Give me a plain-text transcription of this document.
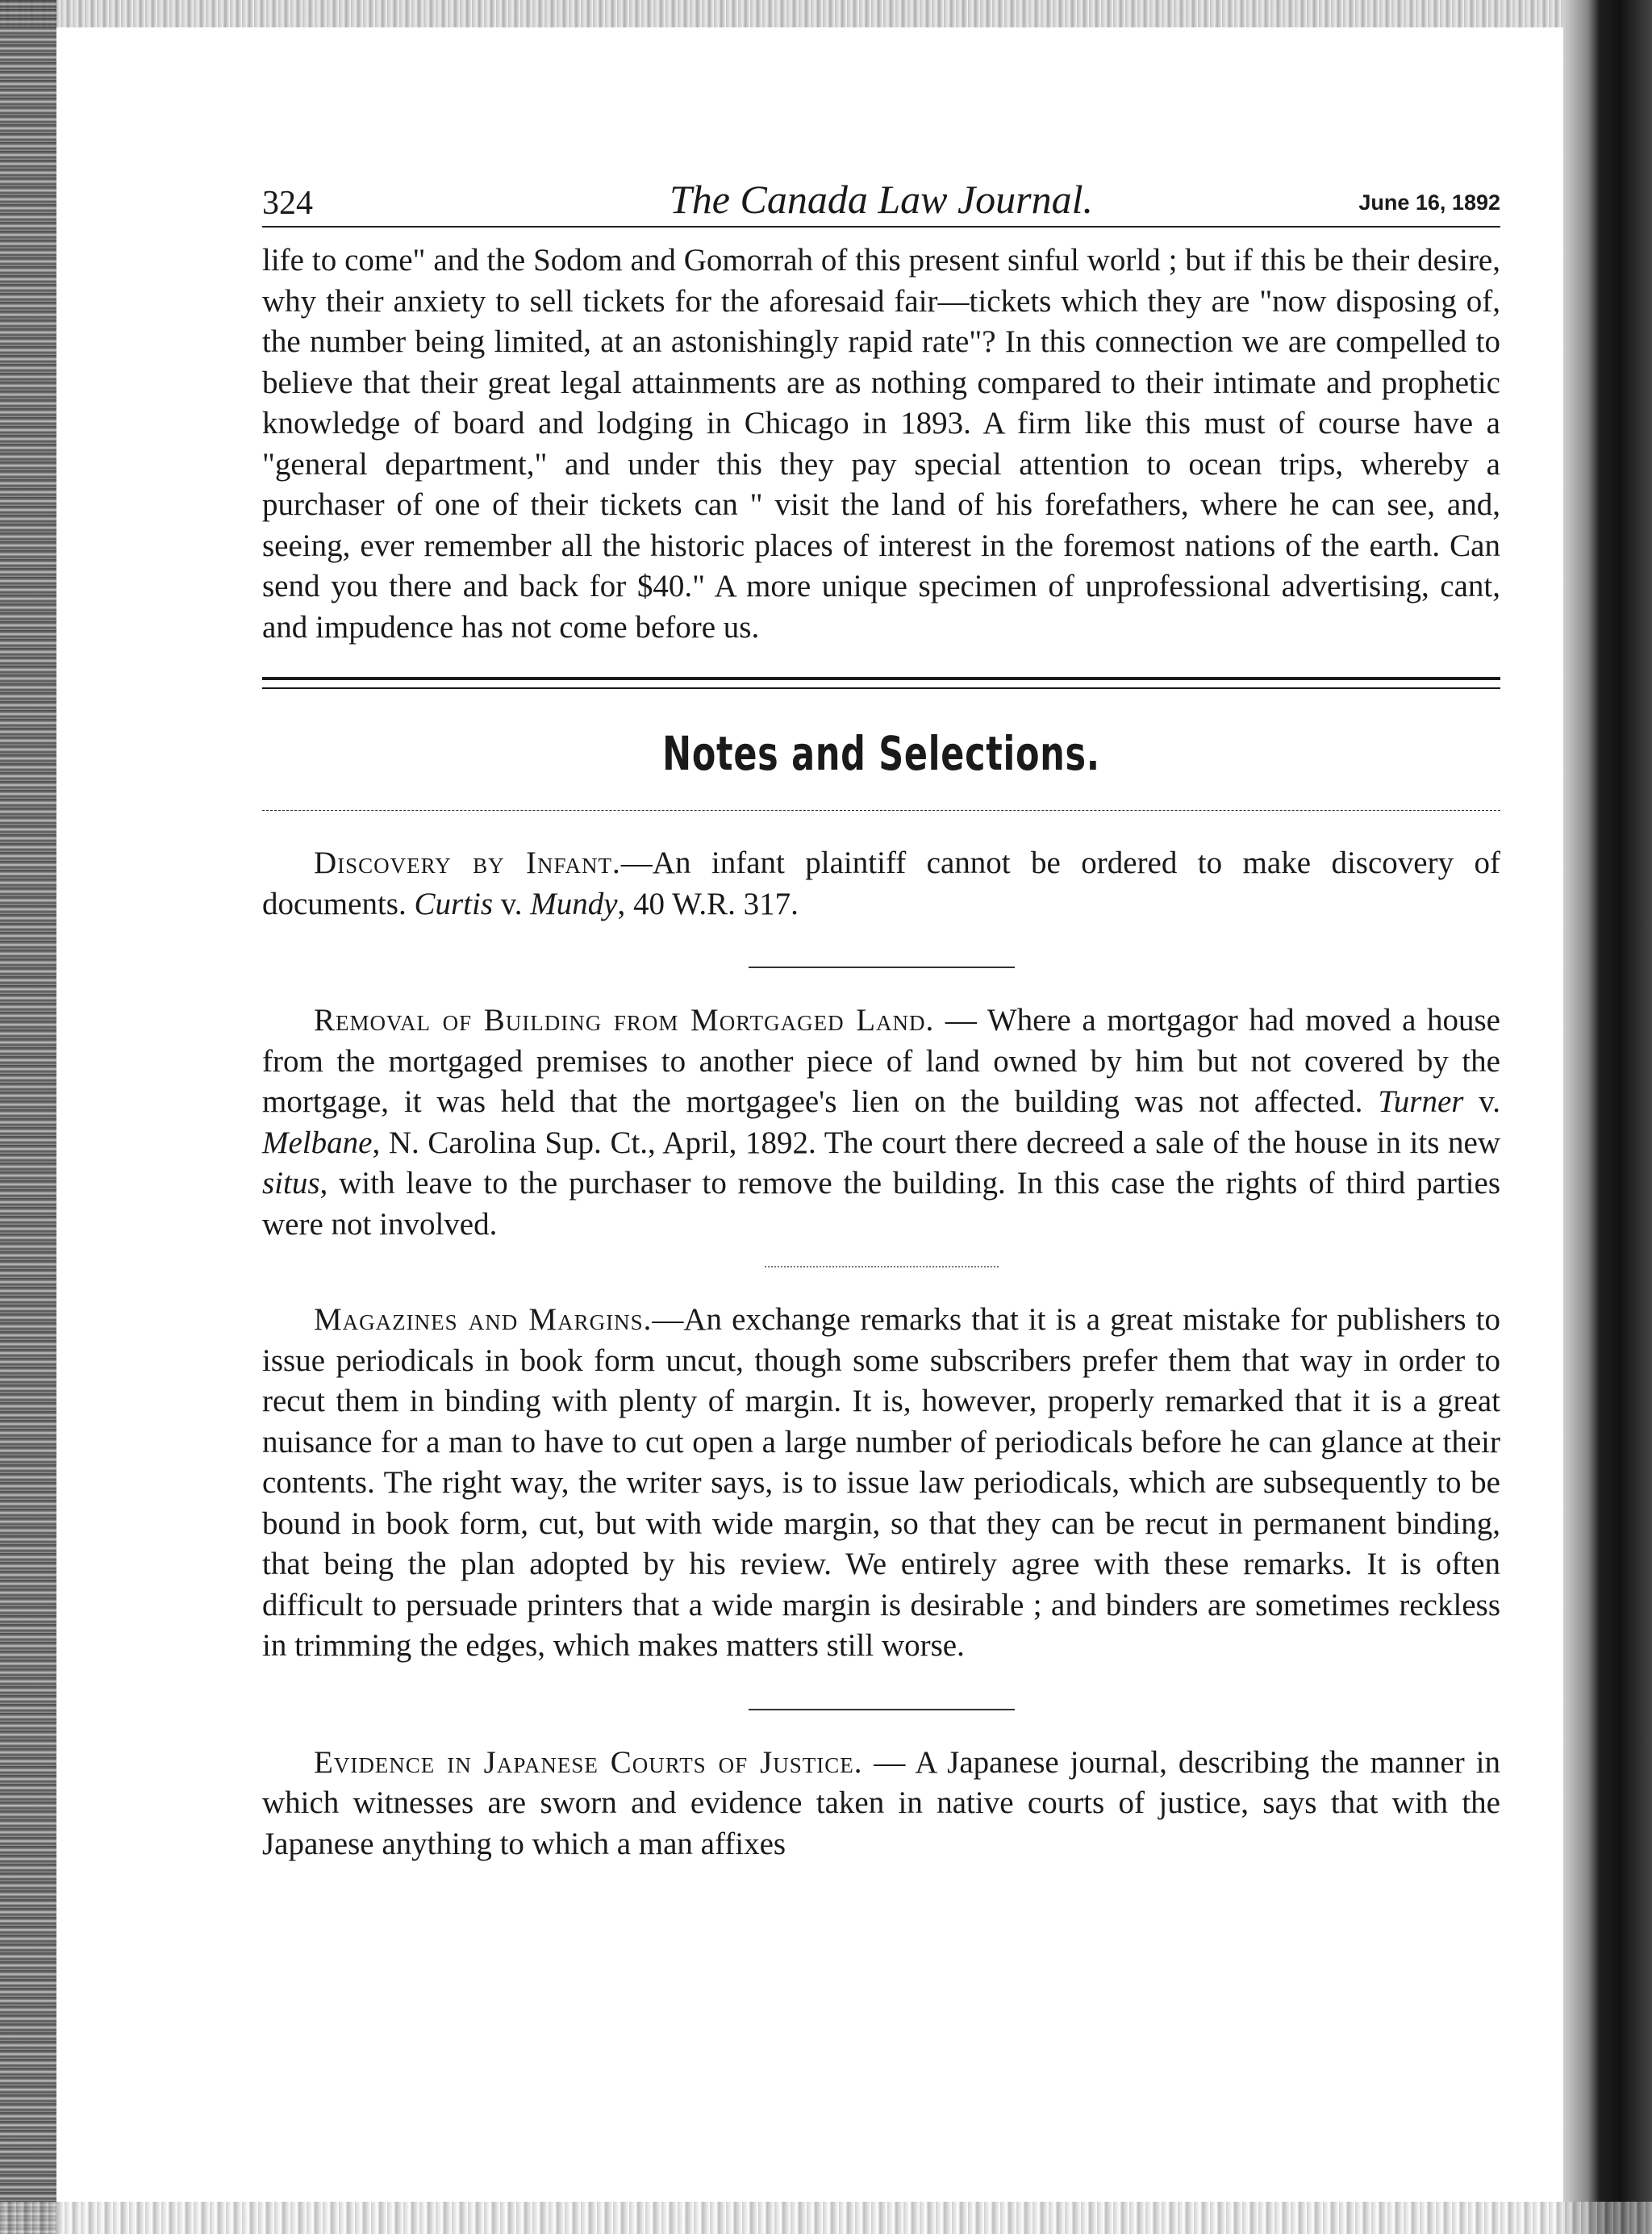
324	The Canada Law Journal.	June 16, 1892

life to come" and the Sodom and Gomorrah of this present sinful world ; but if this be their desire, why their anxiety to sell tickets for the aforesaid fair—tickets which they are "now disposing of, the number being limited, at an astonishingly rapid rate"? In this connection we are compelled to believe that their great legal attainments are as nothing compared to their intimate and prophetic knowledge of board and lodging in Chicago in 1893. A firm like this must of course have a "general department," and under this they pay special attention to ocean trips, whereby a purchaser of one of their tickets can " visit the land of his forefathers, where he can see, and, seeing, ever remember all the historic places of interest in the foremost nations of the earth. Can send you there and back for $40." A more unique specimen of unprofessional advertising, cant, and impudence has not come before us.

Notes and Selections.

Discovery by Infant.—An infant plaintiff cannot be ordered to make discovery of documents. Curtis v. Mundy, 40 W.R. 317.

Removal of Building from Mortgaged Land. — Where a mortgagor had moved a house from the mortgaged premises to another piece of land owned by him but not covered by the mortgage, it was held that the mortgagee's lien on the building was not affected. Turner v. Melbane, N. Carolina Sup. Ct., April, 1892. The court there decreed a sale of the house in its new situs, with leave to the purchaser to remove the building. In this case the rights of third parties were not involved.

Magazines and Margins.—An exchange remarks that it is a great mistake for publishers to issue periodicals in book form uncut, though some subscribers prefer them that way in order to recut them in binding with plenty of margin. It is, however, properly remarked that it is a great nuisance for a man to have to cut open a large number of periodicals before he can glance at their contents. The right way, the writer says, is to issue law periodicals, which are subsequently to be bound in book form, cut, but with wide margin, so that they can be recut in permanent binding, that being the plan adopted by his review. We entirely agree with these remarks. It is often difficult to persuade printers that a wide margin is desirable ; and binders are sometimes reckless in trimming the edges, which makes matters still worse.

Evidence in Japanese Courts of Justice. — A Japanese journal, describing the manner in which witnesses are sworn and evidence taken in native courts of justice, says that with the Japanese anything to which a man affixes
